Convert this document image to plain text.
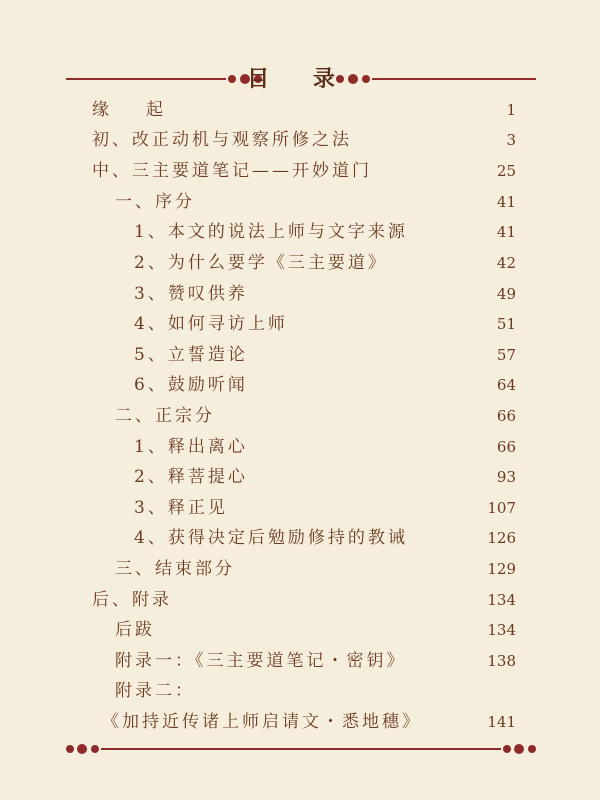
目 录
缘　起	1
初、改正动机与观察所修之法	3
中、三主要道笔记——开妙道门	25
一、序分	41
1、本文的说法上师与文字来源	41
2、为什么要学《三主要道》	42
3、赞叹供养	49
4、如何寻访上师	51
5、立誓造论	57
6、鼓励听闻	64
二、正宗分	66
1、释出离心	66
2、释菩提心	93
3、释正见	107
4、获得决定后勉励修持的教诫	126
三、结束部分	129
后、附录	134
后跋	134
附录一：《三主要道笔记・密钥》	138
附录二：
《加持近传诸上师启请文・悉地穗》	141
